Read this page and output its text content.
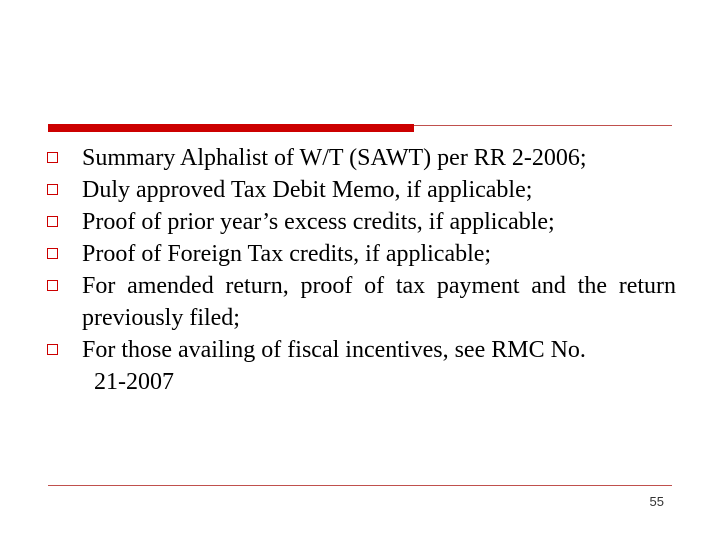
Summary Alphalist of W/T (SAWT) per RR 2-2006;
Duly approved Tax Debit Memo, if applicable;
Proof of prior year’s excess credits, if applicable;
Proof of Foreign Tax credits, if applicable;
For amended return, proof of tax payment and the return previously filed;
For those availing of fiscal incentives, see RMC No.
21-2007
55
